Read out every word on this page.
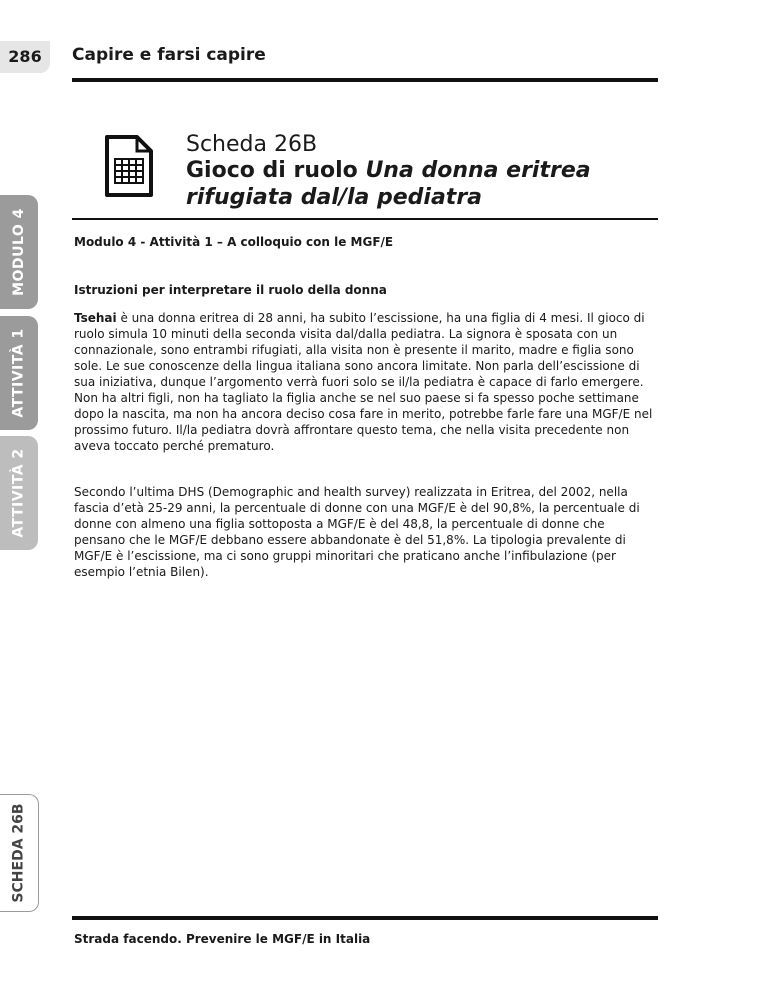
286	Capire e farsi capire
MODULO 4
ATTIVITÀ 1
ATTIVITÀ 2
SCHEDA 26B
Scheda 26B
Gioco di ruolo Una donna eritrea
rifugiata dal/la pediatra
Modulo 4 - Attività 1 – A colloquio con le MGF/E
Istruzioni per interpretare il ruolo della donna

Tsehai è una donna eritrea di 28 anni, ha subito l’escissione, ha una figlia di 4 mesi. Il gioco di ruolo simula 10 minuti della seconda visita dal/dalla pediatra. La signora è sposata con un connazionale, sono entrambi rifugiati, alla visita non è presente il marito, madre e figlia sono sole. Le sue conoscenze della lingua italiana sono ancora limitate. Non parla dell’escissione di sua iniziativa, dunque l’argomento verrà fuori solo se il/la pediatra è capace di farlo emergere. Non ha altri figli, non ha tagliato la figlia anche se nel suo paese si fa spesso poche settimane dopo la nascita, ma non ha ancora deciso cosa fare in merito, potrebbe farle fare una MGF/E nel prossimo futuro. Il/la pediatra dovrà affrontare questo tema, che nella visita precedente non aveva toccato perché prematuro.

Secondo l’ultima DHS (Demographic and health survey) realizzata in Eritrea, del 2002, nella fascia d’età 25-29 anni, la percentuale di donne con una MGF/E è del 90,8%, la percentuale di donne con almeno una figlia sottoposta a MGF/E è del 48,8, la percentuale di donne che pensano che le MGF/E debbano essere abbandonate è del 51,8%. La tipologia prevalente di MGF/E è l’escissione, ma ci sono gruppi minoritari che praticano anche l’infibulazione (per esempio l’etnia Bilen).

Strada facendo. Prevenire le MGF/E in Italia
